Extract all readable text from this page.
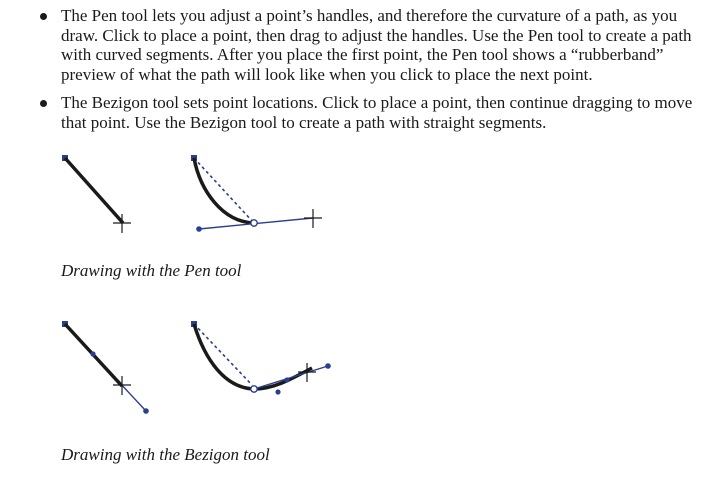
The Pen tool lets you adjust a point’s handles, and therefore the curvature of a path, as you draw. Click to place a point, then drag to adjust the handles. Use the Pen tool to create a path with curved segments. After you place the first point, the Pen tool shows a “rubberband” preview of what the path will look like when you click to place the next point.
The Bezigon tool sets point locations. Click to place a point, then continue dragging to move that point. Use the Bezigon tool to create a path with straight segments.
Drawing with the Pen tool
Drawing with the Bezigon tool
